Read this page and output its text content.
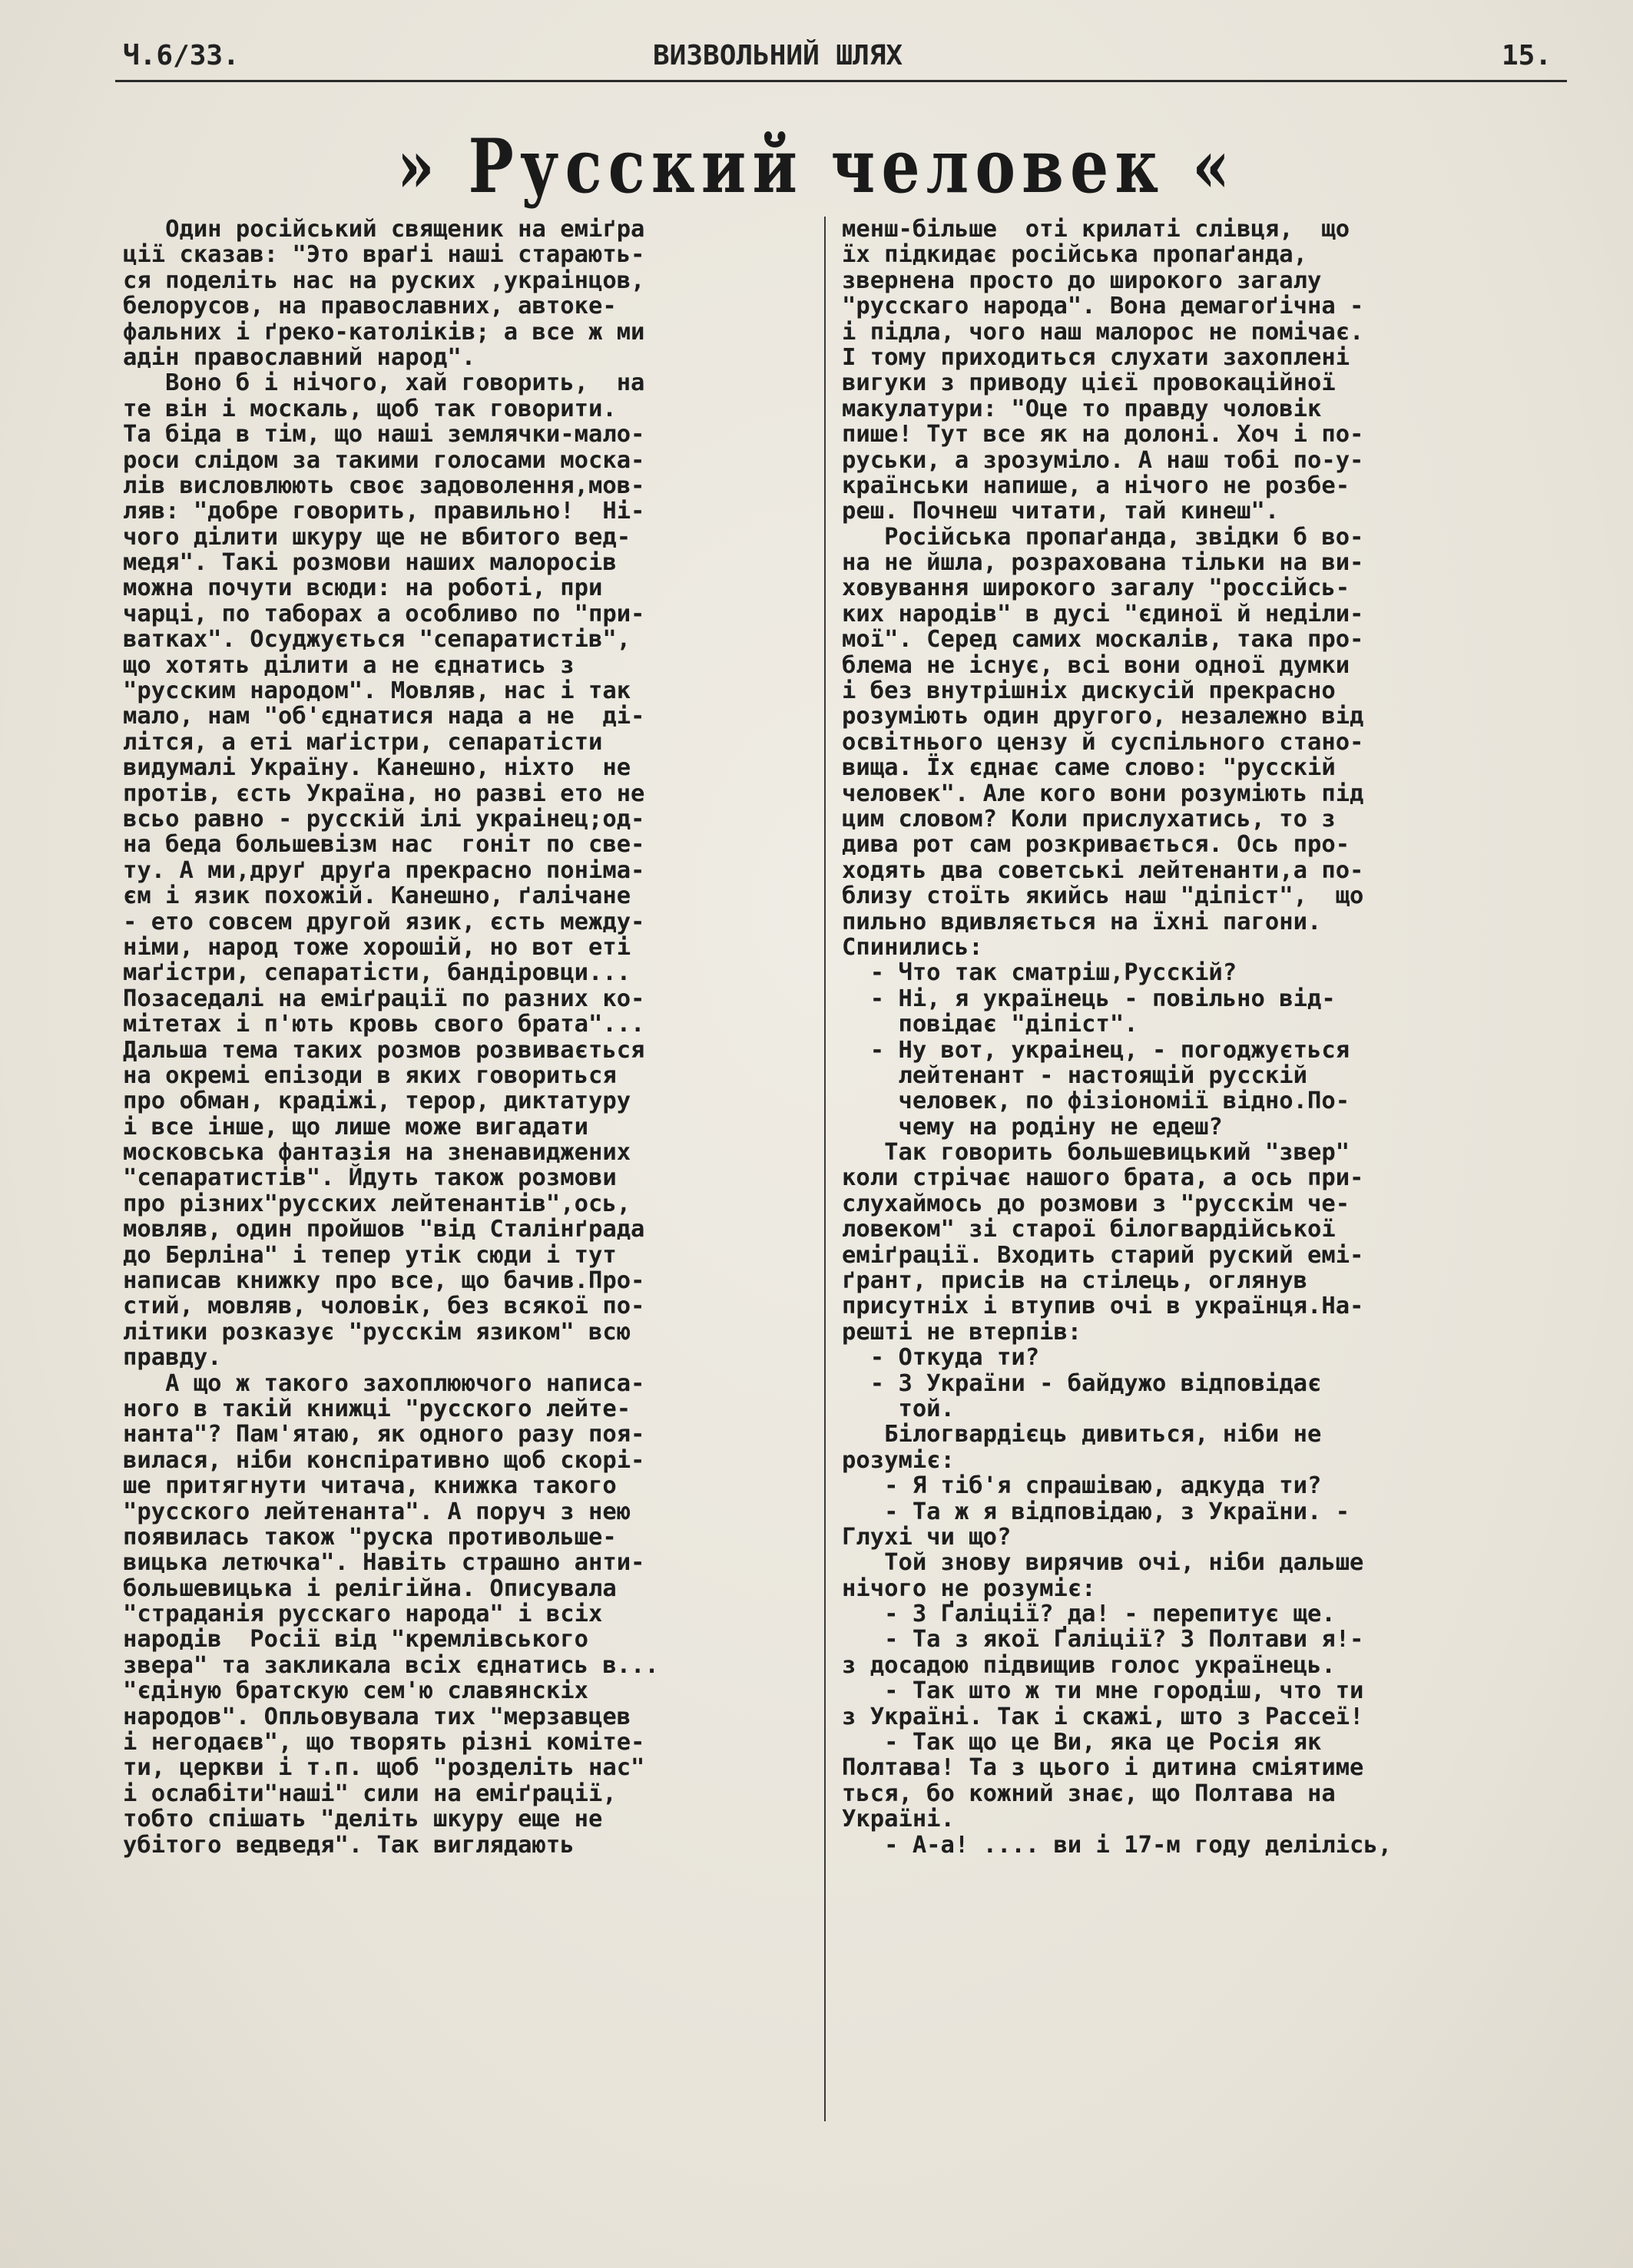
Ч.6/33.	ВИЗВОЛЬНИЙ ШЛЯХ	15.
» Русский человек «
Один російський священик на еміґра
ції сказав: "Это враґі наші старають-
ся поделіть нас на руских ,украінцов,
белорусов, на православних, автоке-
фальних і ґреко-католіків; а все ж ми
адін православний народ".
Воно б і нічого, хай говорить,  на
те він і москаль, щоб так говорити.
Та біда в тім, що наші землячки-мало-
роси слідом за такими голосами моска-
лів висловлюють своє задоволення,мов-
ляв: "добре говорить, правильно!  Ні-
чого ділити шкуру ще не вбитого вед-
медя". Такі розмови наших малоросів
можна почути всюди: на роботі, при
чарці, по таборах а особливо по "при-
ватках". Осуджується "сепаратистів",
що хотять ділити а не єднатись з
"русским народом". Мовляв, нас і так
мало, нам "об'єднатися нада а не  ді-
літся, а еті маґістри, сепаратісти
видумалі Україну. Канешно, ніхто  не
протів, єсть Україна, но разві ето не
всьо равно - русскій ілі украінец;од-
на беда большевізм нас  гоніт по све-
ту. А ми,друґ друґа прекрасно поніма-
єм і язик похожій. Канешно, ґалічане
- ето совсем другой язик, єсть между-
німи, народ тоже хорошій, но вот еті
маґістри, сепаратісти, бандіровци...
Позаседалі на еміґрації по разних ко-
мітетах і п'ють кровь свого брата"...
Дальша тема таких розмов розвивається
на окремі епізоди в яких говориться
про обман, крадіжі, терор, диктатуру
і все інше, що лише може вигадати
московська фантазія на зненавиджених
"сепаратистів". Йдуть також розмови
про різних"русских лейтенантів",ось,
мовляв, один пройшов "від Сталінґрада
до Берліна" і тепер утік сюди і тут
написав книжку про все, що бачив.Про-
стий, мовляв, чоловік, без всякої по-
літики розказує "русскім язиком" всю
правду.
А що ж такого захоплюючого написа-
ного в такій книжці "русского лейте-
нанта"? Пам'ятаю, як одного разу поя-
вилася, ніби конспіративно щоб скорі-
ше притягнути читача, книжка такого
"русского лейтенанта". А поруч з нею
появилась також "руска противольше-
вицька летючка". Навіть страшно анти-
большевицька і релігійна. Описувала
"страданія русскаго народа" і всіх
народів  Росії від "кремлівського
звера" та закликала всіх єднатись в...
"єдіную братскую сем'ю славянскіх
народов". Опльовувала тих "мерзавцев
і негодаєв", що творять різні коміте-
ти, церкви і т.п. щоб "розделіть нас"
і ослабіти"наші" сили на еміґрації,
тобто спішать "деліть шкуру еще не
убітого ведведя". Так виглядають
менш-більше  оті крилаті слівця,  що
їх підкидає російська пропаґанда,
звернена просто до широкого загалу
"русскаго народа". Вона демагоґічна -
і підла, чого наш малорос не помічає.
І тому приходиться слухати захоплені
вигуки з приводу цієї провокаційної
макулатури: "Оце то правду чоловік
пише! Тут все як на долоні. Хоч і по-
руськи, а зрозуміло. А наш тобі по-у-
країнськи напише, а нічого не розбе-
реш. Почнеш читати, тай кинеш".
Російська пропаґанда, звідки б во-
на не йшла, розрахована тільки на ви-
ховування широкого загалу "россійсь-
ких народів" в дусі "єдиної й неділи-
мої". Серед самих москалів, така про-
блема не існує, всі вони одної думки
і без внутрішніх дискусій прекрасно
розуміють один другого, незалежно від
освітнього цензу й суспільного стано-
вища. Їх єднає саме слово: "русскій
человек". Але кого вони розуміють під
цим словом? Коли прислухатись, то з
дива рот сам розкривається. Ось про-
ходять два советські лейтенанти,а по-
близу стоїть якийсь наш "діпіст",  що
пильно вдивляється на їхні пагони.
Спинились:
- Что так сматріш,Русскій?
- Ні, я українець - повільно від-
повідає "діпіст".
- Ну вот, украінец, - погоджується
лейтенант - настоящій русскій
человек, по фізіономії відно.По-
чему на родіну не едеш?
Так говорить большевицький "звер"
коли стрічає нашого брата, а ось при-
слухаймось до розмови з "русскім че-
ловеком" зі старої білогвардійської
еміґрації. Входить старий руский емі-
ґрант, присів на стілець, оглянув
присутніх і втупив очі в українця.На-
решті не втерпів:
- Откуда ти?
- З України - байдужо відповідає
той.
Білогвардієць дивиться, ніби не
розуміє:
- Я тіб'я спрашіваю, адкуда ти?
- Та ж я відповідаю, з України. -
Глухі чи що?
Той знову вирячив очі, ніби дальше
нічого не розуміє:
- З Ґаліції? да! - перепитує ще.
- Та з якої Ґаліції? З Полтави я!-
з досадою підвищив голос українець.
- Так што ж ти мне городіш, что ти
з Україні. Так і скажі, што з Рассеї!
- Так що це Ви, яка це Росія як
Полтава! Та з цього і дитина сміятиме
ться, бо кожний знає, що Полтава на
Україні.
- А-а! .... ви і 17-м году делілісь,
